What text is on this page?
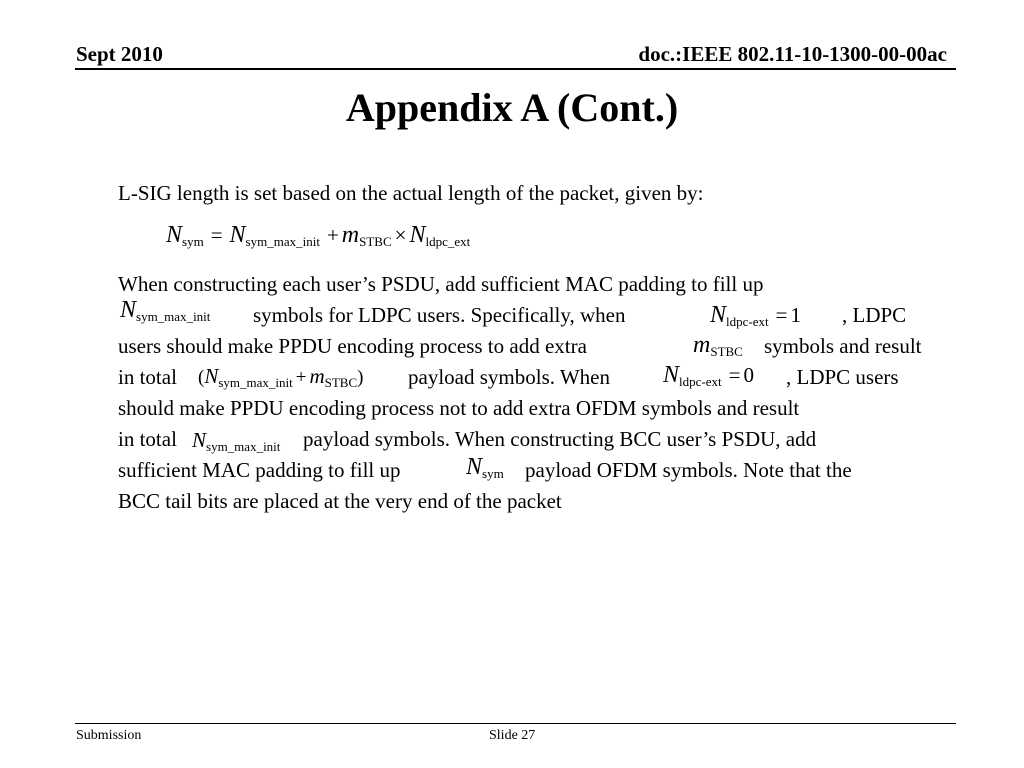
Sept 2010	doc.:IEEE 802.11-10-1300-00-00ac
Appendix A (Cont.)
L-SIG length is set based on the actual length of the packet, given by:
$N_{sym} = N_{sym\_max\_init} + m_{STBC} \times N_{ldpc\_ext}$
When constructing each user’s PSDU, add sufficient MAC padding to fill up
$N_{sym\_max\_init}$ symbols for LDPC users. Specifically, when	$N_{ldpc-ext} = 1$ , LDPC
users should make PPDU encoding process to add extra	$m_{STBC}$ symbols and result
in total $(N_{sym\_max\_init} + m_{STBC})$ payload symbols. When $N_{ldpc-ext} = 0$ , LDPC users
should make PPDU encoding process not to add extra OFDM symbols and result
in total $N_{sym\_max\_init}$ payload symbols. When constructing BCC user’s PSDU, add
sufficient MAC padding to fill up	$N_{sym}$ payload OFDM symbols. Note that the
BCC tail bits are placed at the very end of the packet
Submission	Slide 27
